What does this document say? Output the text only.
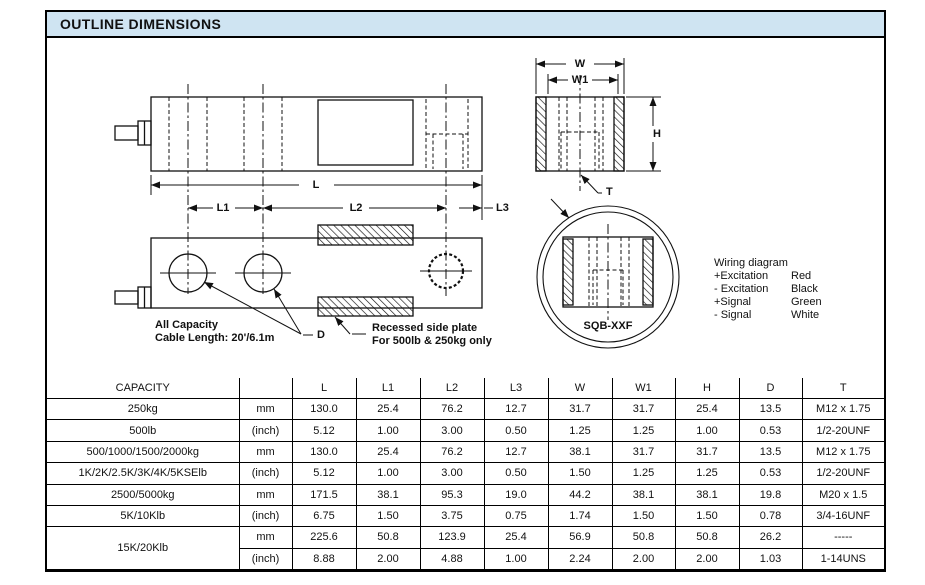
OUTLINE DIMENSIONS
L
L1	L2	L3
W
W1
H
T
D
SQB-XXF
All Capacity
Cable Length: 20'/6.1m
Recessed side plate
For 500lb & 250kg only
Wiring diagram
+Excitation	Red
- Excitation	Black
+Signal	Green
- Signal	White
CAPACITY		L	L1	L2	L3	W	W1	H	D	T
250kg	mm	130.0	25.4	76.2	12.7	31.7	31.7	25.4	13.5	M12 x 1.75
500lb	(inch)	5.12	1.00	3.00	0.50	1.25	1.25	1.00	0.53	1/2-20UNF
500/1000/1500/2000kg	mm	130.0	25.4	76.2	12.7	38.1	31.7	31.7	13.5	M12 x 1.75
1K/2K/2.5K/3K/4K/5KSElb	(inch)	5.12	1.00	3.00	0.50	1.50	1.25	1.25	0.53	1/2-20UNF
2500/5000kg	mm	171.5	38.1	95.3	19.0	44.2	38.1	38.1	19.8	M20 x 1.5
5K/10Klb	(inch)	6.75	1.50	3.75	0.75	1.74	1.50	1.50	0.78	3/4-16UNF
15K/20Klb	mm	225.6	50.8	123.9	25.4	56.9	50.8	50.8	26.2	-----
	(inch)	8.88	2.00	4.88	1.00	2.24	2.00	2.00	1.03	1-14UNS
